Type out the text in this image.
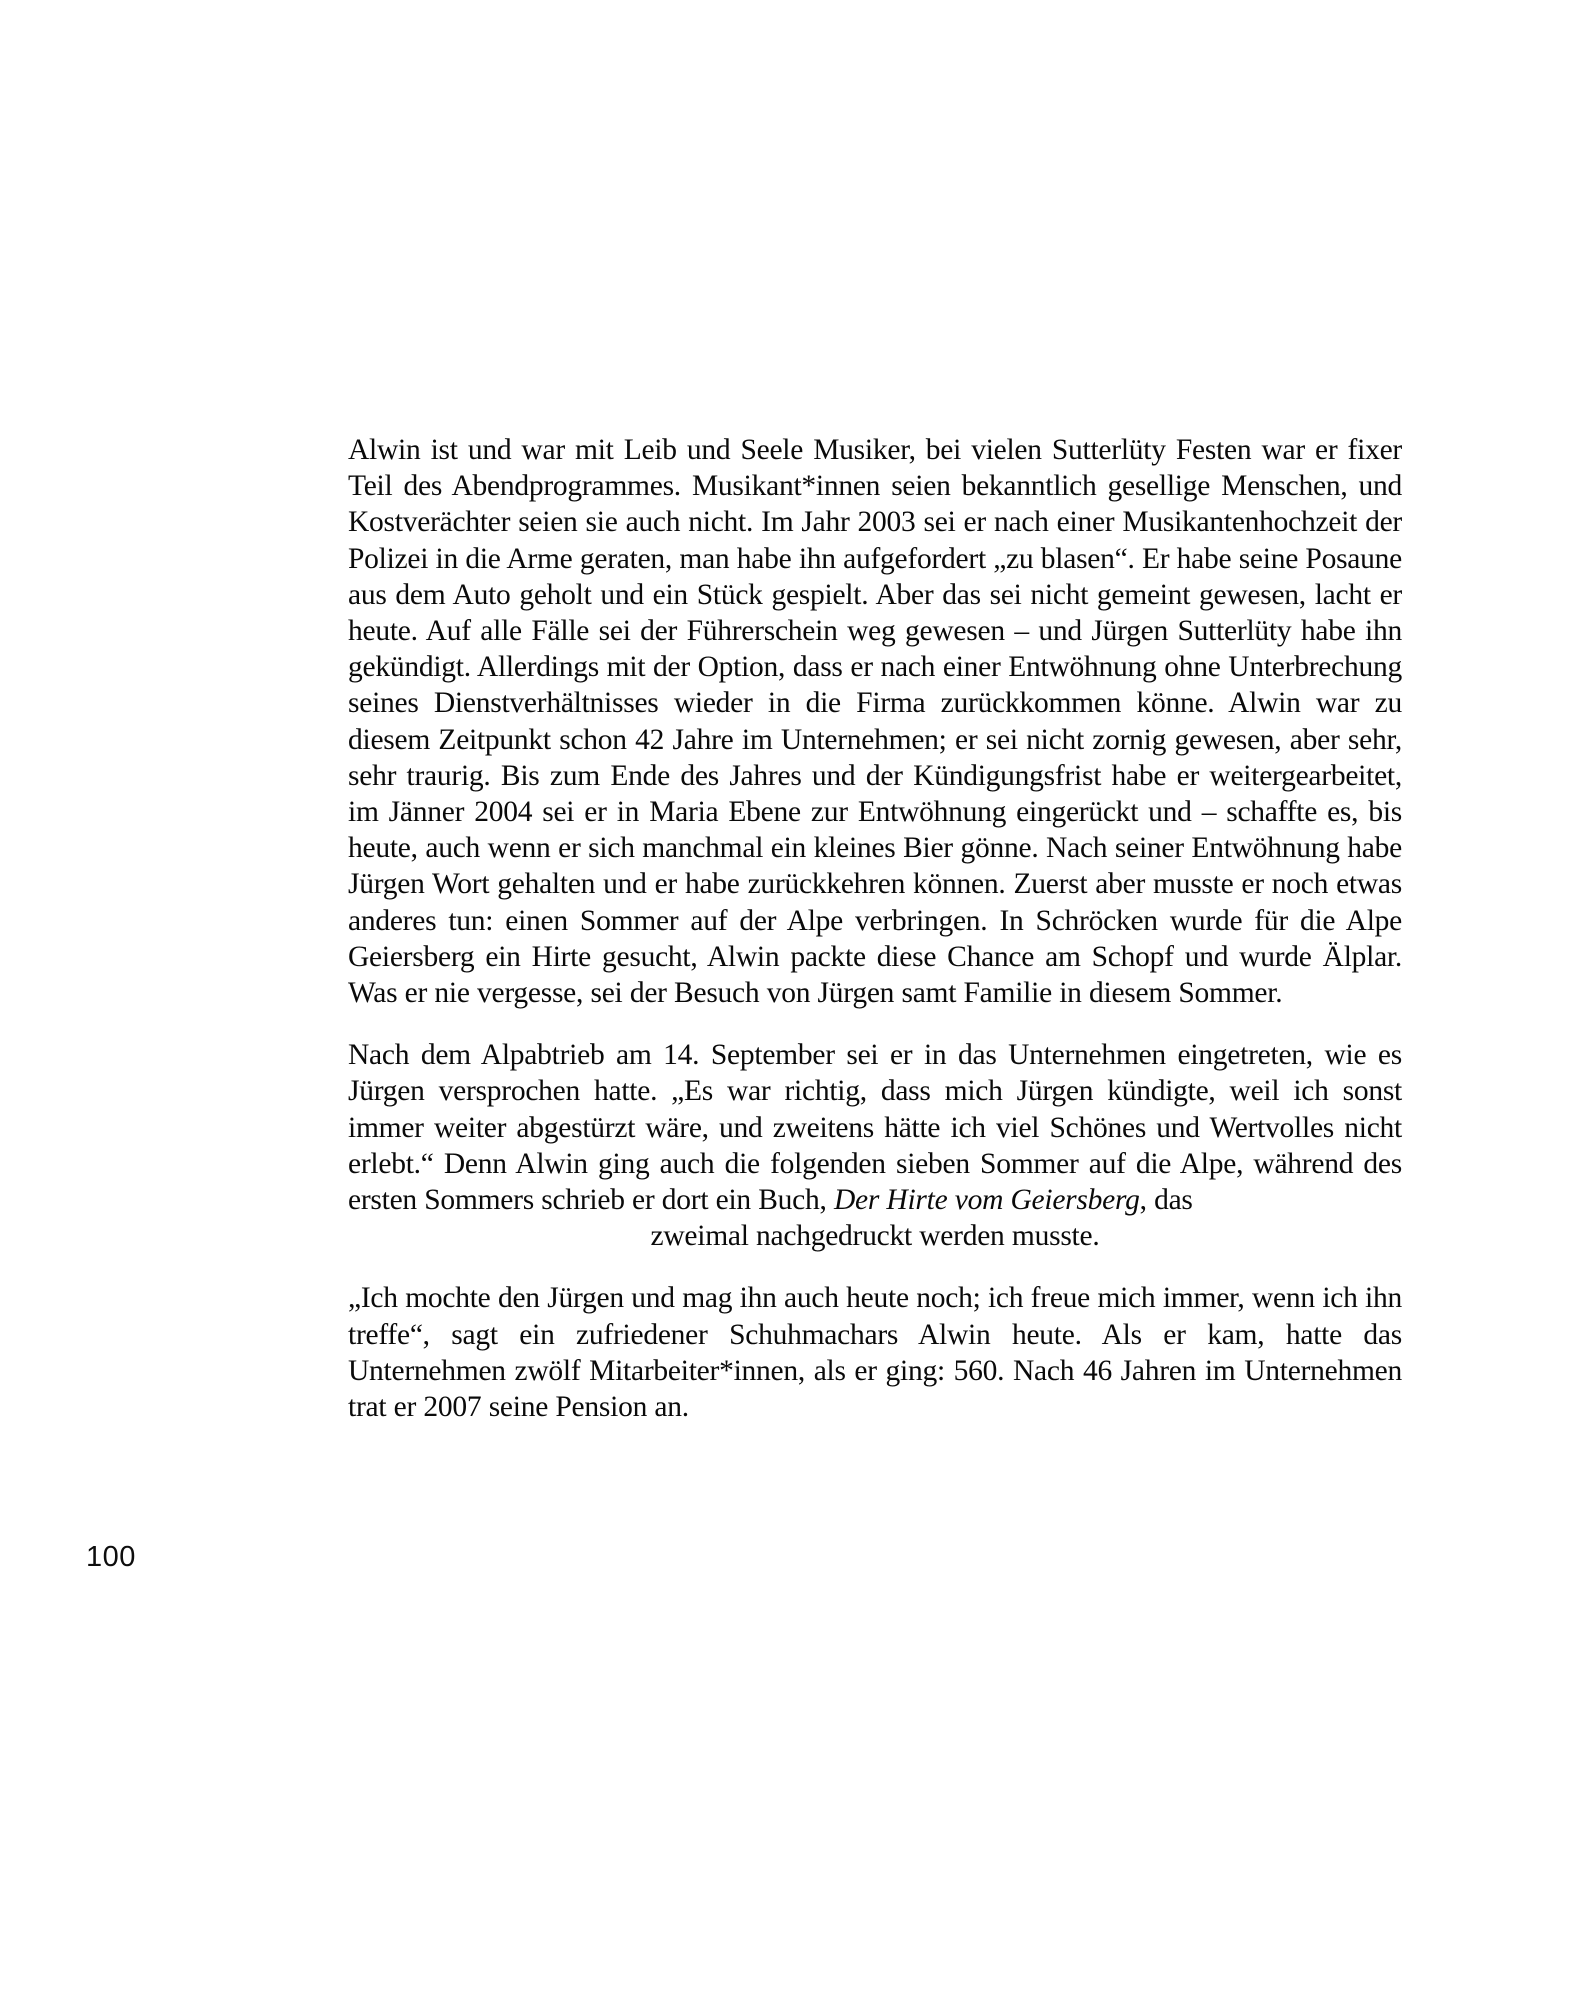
100

Alwin ist und war mit Leib und Seele Musiker, bei vielen Sutterlüty Festen war er fixer Teil des Abendprogrammes. Musikant*innen seien bekanntlich gesellige Menschen, und Kostverächter seien sie auch nicht. Im Jahr 2003 sei er nach einer Musikantenhochzeit der Polizei in die Arme geraten, man habe ihn aufgefordert „zu blasen“. Er habe seine Posaune aus dem Auto geholt und ein Stück gespielt. Aber das sei nicht gemeint gewesen, lacht er heute. Auf alle Fälle sei der Führerschein weg gewesen – und Jürgen Sutterlüty habe ihn gekündigt. Allerdings mit der Option, dass er nach einer Entwöhnung ohne Unterbrechung seines Dienstverhältnisses wieder in die Firma zurückkommen könne. Alwin war zu diesem Zeitpunkt schon 42 Jahre im Unternehmen; er sei nicht zornig gewesen, aber sehr, sehr traurig. Bis zum Ende des Jahres und der Kündigungsfrist habe er weitergearbeitet, im Jänner 2004 sei er in Maria Ebene zur Entwöhnung eingerückt und – schaffte es, bis heute, auch wenn er sich manchmal ein kleines Bier gönne. Nach seiner Entwöhnung habe Jürgen Wort gehalten und er habe zurückkehren können. Zuerst aber musste er noch etwas anderes tun: einen Sommer auf der Alpe verbringen. In Schröcken wurde für die Alpe Geiersberg ein Hirte gesucht, Alwin packte diese Chance am Schopf und wurde Älplar. Was er nie vergesse, sei der Besuch von Jürgen samt Familie in diesem Sommer.

Nach dem Alpabtrieb am 14. September sei er in das Unternehmen eingetreten, wie es Jürgen versprochen hatte. „Es war richtig, dass mich Jürgen kündigte, weil ich sonst immer weiter abgestürzt wäre, und zweitens hätte ich viel Schönes und Wertvolles nicht erlebt.“ Denn Alwin ging auch die folgenden sieben Sommer auf die Alpe, während des ersten Sommers schrieb er dort ein Buch, Der Hirte vom Geiersberg, das
zweimal nachgedruckt werden musste.

„Ich mochte den Jürgen und mag ihn auch heute noch; ich freue mich immer, wenn ich ihn treffe“, sagt ein zufriedener Schuhmachars Alwin heute. Als er kam, hatte das Unternehmen zwölf Mitarbeiter*innen, als er ging: 560. Nach 46 Jahren im Unternehmen trat er 2007 seine Pension an.
